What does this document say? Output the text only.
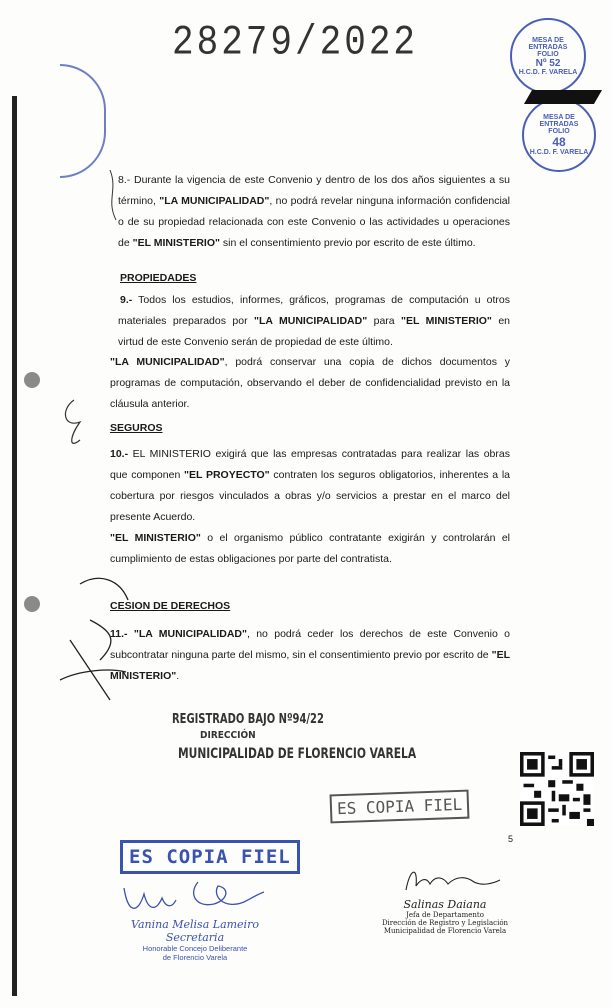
28279/2022	MESA DE ENTRADAS
FOLIO
Nº 52
H.C.D. F. VARELA
MESA DE ENTRADAS
FOLIO
48
H.C.D. F. VARELA
8.- Durante la vigencia de este Convenio y dentro de los dos años siguientes a su término, "LA MUNICIPALIDAD", no podrá revelar ninguna información confidencial o de su propiedad relacionada con este Convenio o las actividades u operaciones de "EL MINISTERIO" sin el consentimiento previo por escrito de este último.
PROPIEDADES
9.- Todos los estudios, informes, gráficos, programas de computación u otros materiales preparados por "LA MUNICIPALIDAD" para "EL MINISTERIO" en virtud de este Convenio serán de propiedad de este último.
"LA MUNICIPALIDAD", podrá conservar una copia de dichos documentos y programas de computación, observando el deber de confidencialidad previsto en la cláusula anterior.
SEGUROS
10.- EL MINISTERIO exigirá que las empresas contratadas para realizar las obras que componen "EL PROYECTO" contraten los seguros obligatorios, inherentes a la cobertura por riesgos vinculados a obras y/o servicios a prestar en el marco del presente Acuerdo.
"EL MINISTERIO" o el organismo público contratante exigirán y controlarán el cumplimiento de estas obligaciones por parte del contratista.
CESION DE DERECHOS
11.- "LA MUNICIPALIDAD", no podrá ceder los derechos de este Convenio o subcontratar ninguna parte del mismo, sin el consentimiento previo por escrito de "EL MINISTERIO".
REGISTRADO BAJO Nº94/22
DIRECCIÓN
MUNICIPALIDAD DE FLORENCIO VARELA
ES COPIA FIEL
ES COPIA FIEL
5
Vanina Melisa Lameiro
Secretaria
Honorable Concejo Deliberante
de Florencio Varela
Salinas Daiana
Jefa de Departamento
Dirección de Registro y Legislación
Municipalidad de Florencio Varela
